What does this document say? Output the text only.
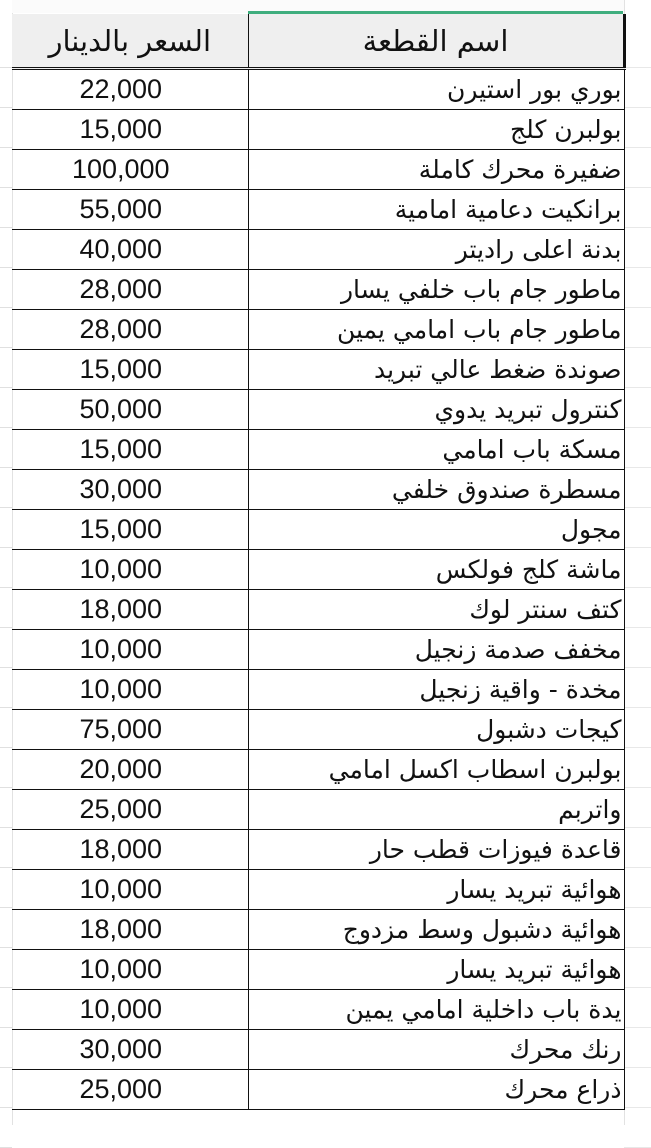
السعر بالدينار	اسم القطعة
22,000	بوري بور استيرن
15,000	بولبرن كلج
100,000	ضفيرة محرك كاملة
55,000	برانكيت دعامية امامية
40,000	بدنة اعلى راديتر
28,000	ماطور جام باب خلفي يسار
28,000	ماطور جام باب امامي يمين
15,000	صوندة ضغط عالي تبريد
50,000	كنترول تبريد يدوي
15,000	مسكة باب امامي
30,000	مسطرة صندوق خلفي
15,000	مجول
10,000	ماشة كلج فولكس
18,000	كتف سنتر لوك
10,000	مخفف صدمة زنجيل
10,000	مخدة - واقية زنجيل
75,000	كيجات دشبول
20,000	بولبرن اسطاب اكسل امامي
25,000	واتربم
18,000	قاعدة فيوزات قطب حار
10,000	هوائية تبريد يسار
18,000	هوائية دشبول وسط مزدوج
10,000	هوائية تبريد يسار
10,000	يدة باب داخلية امامي يمين
30,000	رنك محرك
25,000	ذراع محرك
